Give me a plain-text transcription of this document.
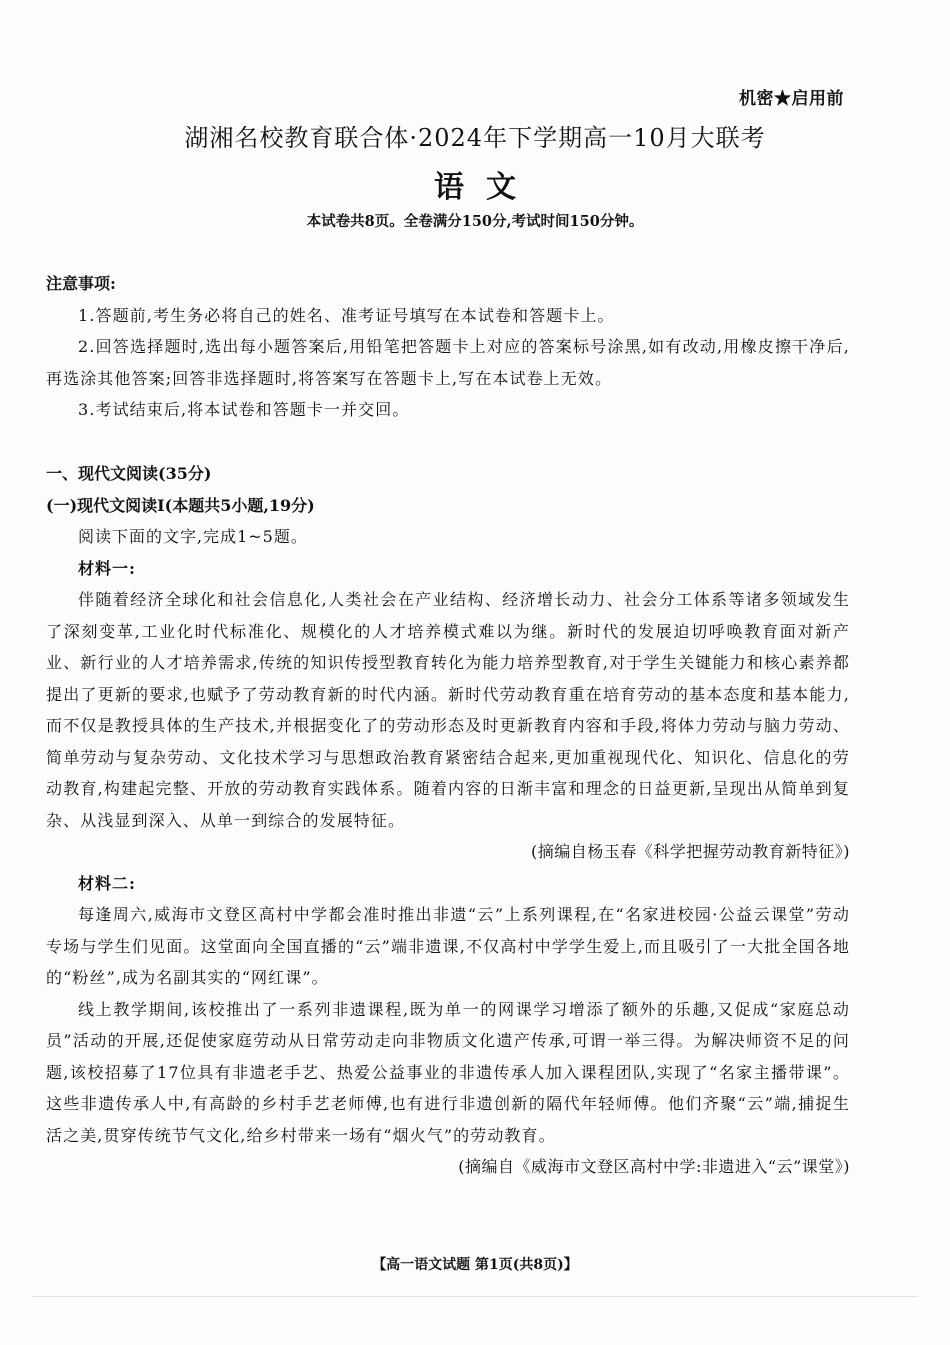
机密★启用前
湖湘名校教育联合体·2024年下学期高一10月大联考
语文
本试卷共8页。全卷满分150分,考试时间150分钟。

注意事项:

1.答题前,考生务必将自己的姓名、准考证号填写在本试卷和答题卡上。

2.回答选择题时,选出每小题答案后,用铅笔把答题卡上对应的答案标号涂黑,如有改动,用橡皮擦干净后,再选涂其他答案;回答非选择题时,将答案写在答题卡上,写在本试卷上无效。

3.考试结束后,将本试卷和答题卡一并交回。

一、现代文阅读(35分)

(一)现代文阅读Ⅰ(本题共5小题,19分)

阅读下面的文字,完成1~5题。

材料一:

伴随着经济全球化和社会信息化,人类社会在产业结构、经济增长动力、社会分工体系等诸多领域发生了深刻变革,工业化时代标准化、规模化的人才培养模式难以为继。新时代的发展迫切呼唤教育面对新产业、新行业的人才培养需求,传统的知识传授型教育转化为能力培养型教育,对于学生关键能力和核心素养都提出了更新的要求,也赋予了劳动教育新的时代内涵。新时代劳动教育重在培育劳动的基本态度和基本能力,而不仅是教授具体的生产技术,并根据变化了的劳动形态及时更新教育内容和手段,将体力劳动与脑力劳动、简单劳动与复杂劳动、文化技术学习与思想政治教育紧密结合起来,更加重视现代化、知识化、信息化的劳动教育,构建起完整、开放的劳动教育实践体系。随着内容的日渐丰富和理念的日益更新,呈现出从简单到复杂、从浅显到深入、从单一到综合的发展特征。

(摘编自杨玉春《科学把握劳动教育新特征》)

材料二:

每逢周六,威海市文登区高村中学都会准时推出非遗“云”上系列课程,在“名家进校园·公益云课堂”劳动专场与学生们见面。这堂面向全国直播的“云”端非遗课,不仅高村中学学生爱上,而且吸引了一大批全国各地的“粉丝”,成为名副其实的“网红课”。

线上教学期间,该校推出了一系列非遗课程,既为单一的网课学习增添了额外的乐趣,又促成“家庭总动员”活动的开展,还促使家庭劳动从日常劳动走向非物质文化遗产传承,可谓一举三得。为解决师资不足的问题,该校招募了17位具有非遗老手艺、热爱公益事业的非遗传承人加入课程团队,实现了“名家主播带课”。这些非遗传承人中,有高龄的乡村手艺老师傅,也有进行非遗创新的隔代年轻师傅。他们齐聚“云”端,捕捉生活之美,贯穿传统节气文化,给乡村带来一场有“烟火气”的劳动教育。

(摘编自《威海市文登区高村中学:非遗进入“云”课堂》)

【高一语文试题 第1页(共8页)】
